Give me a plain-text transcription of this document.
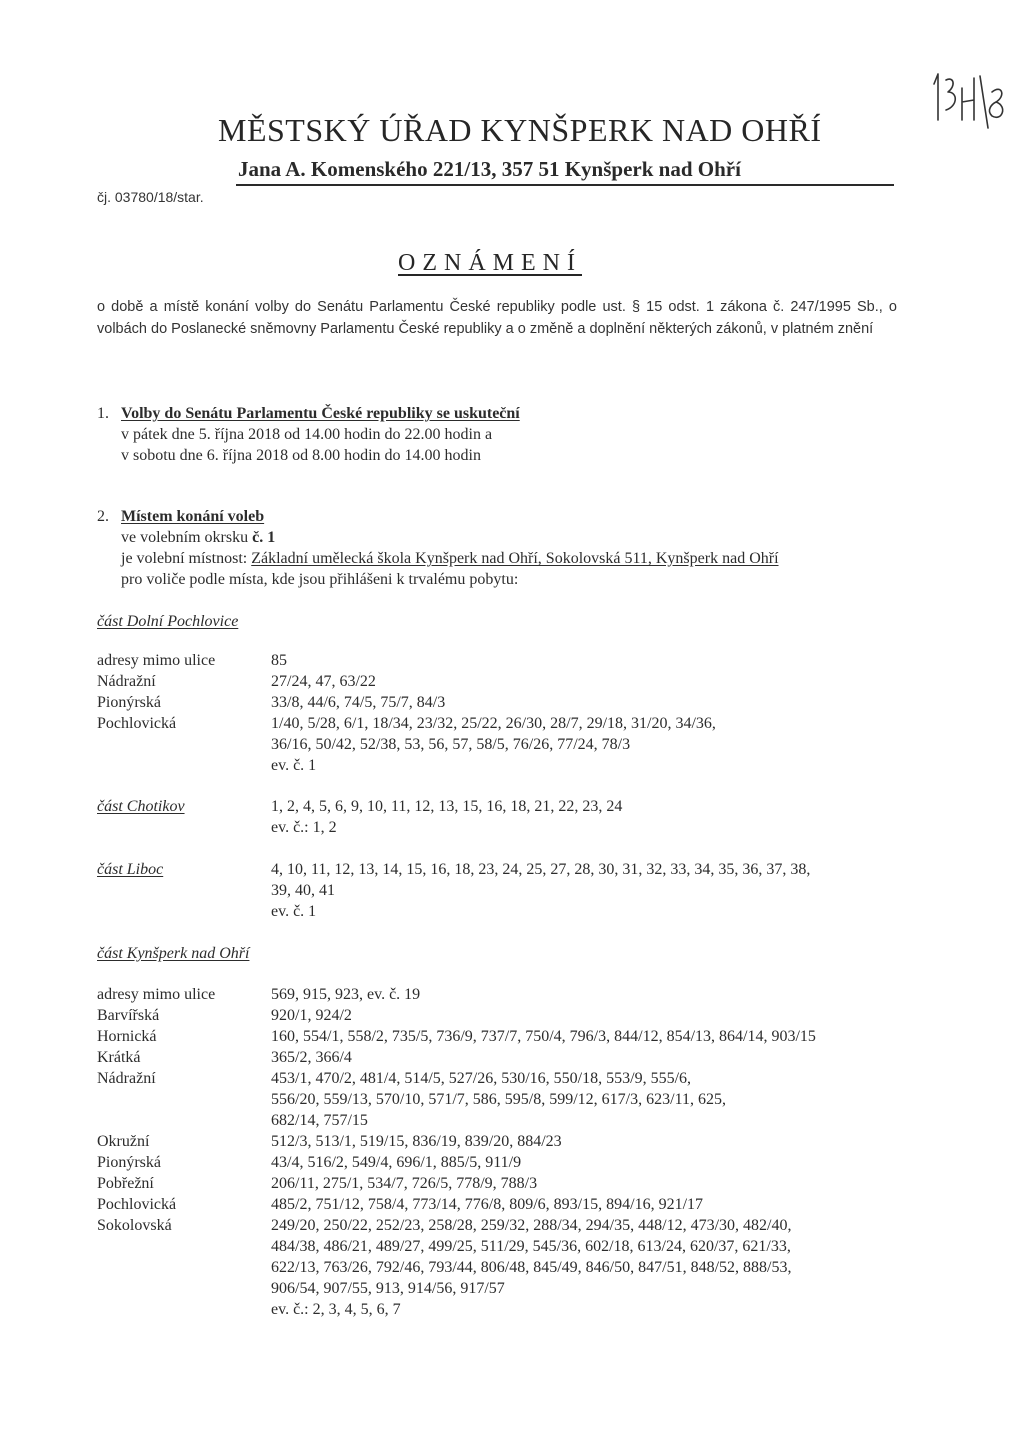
MĚSTSKÝ ÚŘAD KYNŠPERK NAD OHŘÍ
Jana A. Komenského 221/13, 357 51 Kynšperk nad Ohří
čj. 03780/18/star.
OZNÁMENÍ
o době a místě konání volby do Senátu Parlamentu České republiky podle ust. § 15 odst. 1 zákona č. 247/1995 Sb., o volbách do Poslanecké sněmovny Parlamentu České republiky a o změně a doplnění některých zákonů, v platném znění
1. Volby do Senátu Parlamentu České republiky se uskuteční
v pátek dne 5. října 2018 od 14.00 hodin do 22.00 hodin a
v sobotu dne 6. října 2018 od 8.00 hodin do 14.00 hodin
2. Místem konání voleb
ve volebním okrsku č. 1
je volební místnost: Základní umělecká škola Kynšperk nad Ohří, Sokolovská 511, Kynšperk nad Ohří
pro voliče podle místa, kde jsou přihlášeni k trvalému pobytu:
část Dolní Pochlovice
adresy mimo ulice	85
Nádražní	27/24, 47, 63/22
Pionýrská	33/8, 44/6, 74/5, 75/7, 84/3
Pochlovická	1/40, 5/28, 6/1, 18/34, 23/32, 25/22, 26/30, 28/7, 29/18, 31/20, 34/36,
36/16, 50/42, 52/38, 53, 56, 57, 58/5, 76/26, 77/24, 78/3
ev. č. 1
část Chotikov	1, 2, 4, 5, 6, 9, 10, 11, 12, 13, 15, 16, 18, 21, 22, 23, 24
ev. č.: 1, 2
část Liboc	4, 10, 11, 12, 13, 14, 15, 16, 18, 23, 24, 25, 27, 28, 30, 31, 32, 33, 34, 35, 36, 37, 38,
39, 40, 41
ev. č. 1
část Kynšperk nad Ohří
adresy mimo ulice	569, 915, 923, ev. č. 19
Barvířská	920/1, 924/2
Hornická	160, 554/1, 558/2, 735/5, 736/9, 737/7, 750/4, 796/3, 844/12, 854/13, 864/14, 903/15
Krátká	365/2, 366/4
Nádražní	453/1, 470/2, 481/4, 514/5, 527/26, 530/16, 550/18, 553/9, 555/6,
556/20, 559/13, 570/10, 571/7, 586, 595/8, 599/12, 617/3, 623/11, 625,
682/14, 757/15
Okružní	512/3, 513/1, 519/15, 836/19, 839/20, 884/23
Pionýrská	43/4, 516/2, 549/4, 696/1, 885/5, 911/9
Pobřežní	206/11, 275/1, 534/7, 726/5, 778/9, 788/3
Pochlovická	485/2, 751/12, 758/4, 773/14, 776/8, 809/6, 893/15, 894/16, 921/17
Sokolovská	249/20, 250/22, 252/23, 258/28, 259/32, 288/34, 294/35, 448/12, 473/30, 482/40,
484/38, 486/21, 489/27, 499/25, 511/29, 545/36, 602/18, 613/24, 620/37, 621/33,
622/13, 763/26, 792/46, 793/44, 806/48, 845/49, 846/50, 847/51, 848/52, 888/53,
906/54, 907/55, 913, 914/56, 917/57
ev. č.: 2, 3, 4, 5, 6, 7
